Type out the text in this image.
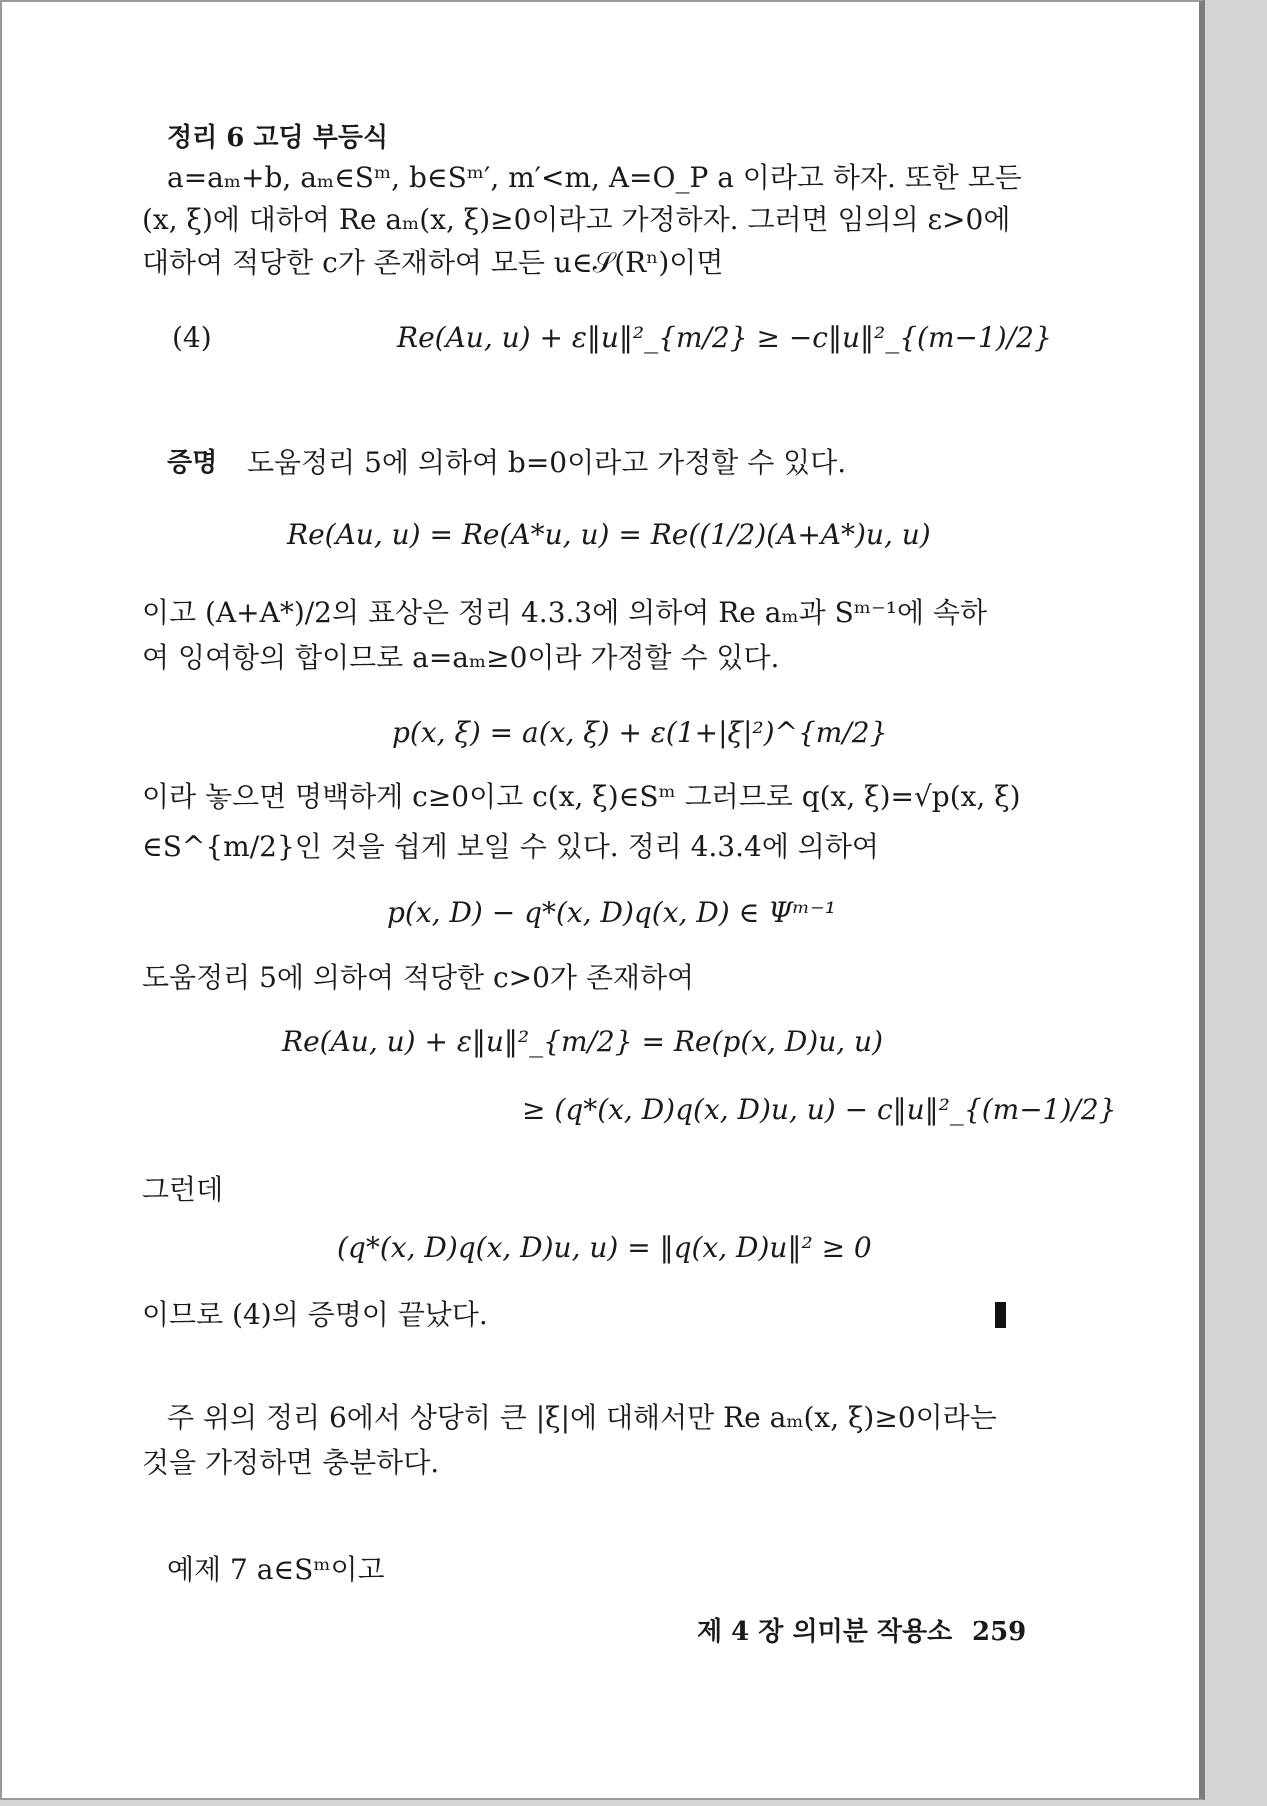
정리 6 고딩 부등식
a=aₘ+b, aₘ∈Sᵐ, b∈Sᵐ′, m′<m, A=O_P a 이라고 하자. 또한 모든
(x, ξ)에 대하여 Re aₘ(x, ξ)≥0이라고 가정하자. 그러면 임의의 ε>0에
대하여 적당한 c가 존재하여 모든 u∈𝒮(Rⁿ)이면
(4)	Re(Au, u) + ε‖u‖²_{m/2} ≥ −c‖u‖²_{(m−1)/2}
증명 도움정리 5에 의하여 b=0이라고 가정할 수 있다.
Re(Au, u) = Re(A*u, u) = Re((1/2)(A+A*)u, u)
이고 (A+A*)/2의 표상은 정리 4.3.3에 의하여 Re aₘ과 Sᵐ⁻¹에 속하
여 잉여항의 합이므로 a=aₘ≥0이라 가정할 수 있다.
p(x, ξ) = a(x, ξ) + ε(1+|ξ|²)^{m/2}
이라 놓으면 명백하게 c≥0이고 c(x, ξ)∈Sᵐ 그러므로 q(x, ξ)=√p(x, ξ)
∈S^{m/2}인 것을 쉽게 보일 수 있다. 정리 4.3.4에 의하여
p(x, D) − q*(x, D)q(x, D) ∈ Ψᵐ⁻¹
도움정리 5에 의하여 적당한 c>0가 존재하여
Re(Au, u) + ε‖u‖²_{m/2} = Re(p(x, D)u, u)
≥ (q*(x, D)q(x, D)u, u) − c‖u‖²_{(m−1)/2}
그런데
(q*(x, D)q(x, D)u, u) = ‖q(x, D)u‖² ≥ 0
이므로 (4)의 증명이 끝났다.
주 위의 정리 6에서 상당히 큰 |ξ|에 대해서만 Re aₘ(x, ξ)≥0이라는
것을 가정하면 충분하다.
예제 7 a∈Sᵐ이고
제 4 장 의미분 작용소 259
